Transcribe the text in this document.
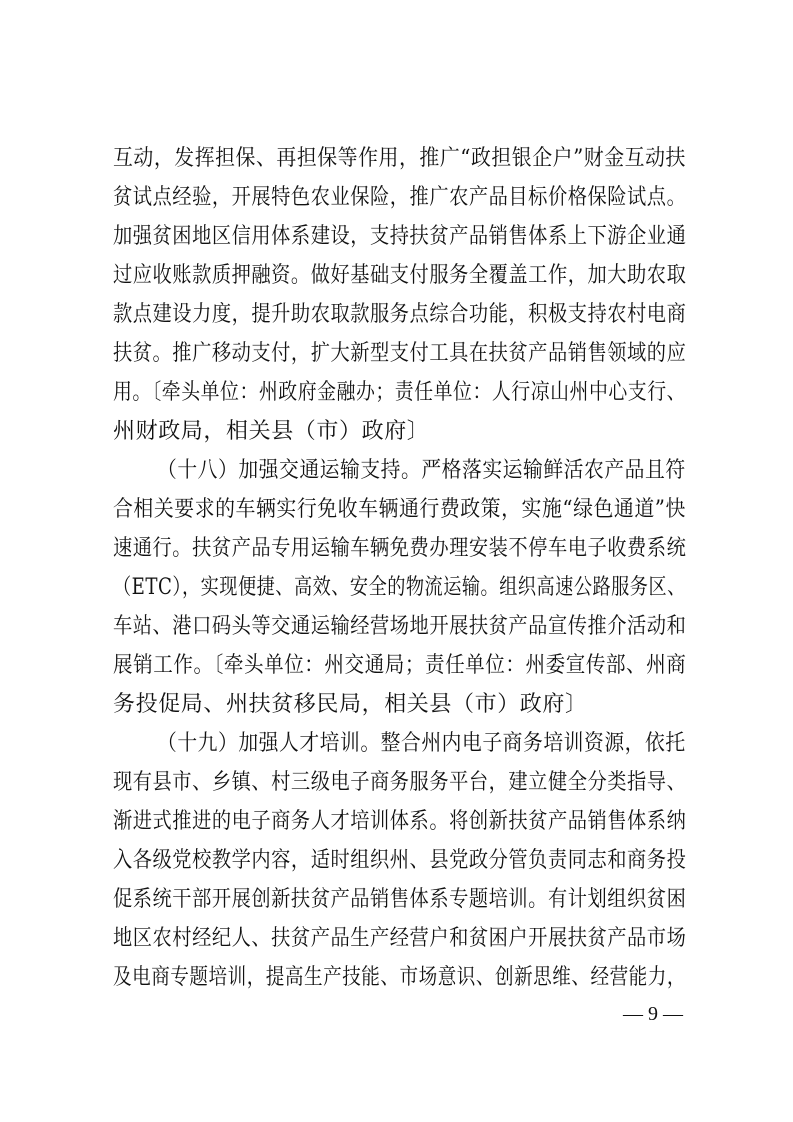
互动，发挥担保、再担保等作用，推广“政担银企户”财金互动扶
贫试点经验，开展特色农业保险，推广农产品目标价格保险试点。
加强贫困地区信用体系建设，支持扶贫产品销售体系上下游企业通
过应收账款质押融资。做好基础支付服务全覆盖工作，加大助农取
款点建设力度，提升助农取款服务点综合功能，积极支持农村电商
扶贫。推广移动支付，扩大新型支付工具在扶贫产品销售领域的应
用。〔牵头单位：州政府金融办；责任单位：人行凉山州中心支行、
州财政局，相关县（市）政府〕
（十八）加强交通运输支持。严格落实运输鲜活农产品且符
合相关要求的车辆实行免收车辆通行费政策，实施“绿色通道”快
速通行。扶贫产品专用运输车辆免费办理安装不停车电子收费系统
（ETC），实现便捷、高效、安全的物流运输。组织高速公路服务区、
车站、港口码头等交通运输经营场地开展扶贫产品宣传推介活动和
展销工作。〔牵头单位：州交通局；责任单位：州委宣传部、州商
务投促局、州扶贫移民局，相关县（市）政府〕
（十九）加强人才培训。整合州内电子商务培训资源，依托
现有县市、乡镇、村三级电子商务服务平台，建立健全分类指导、
渐进式推进的电子商务人才培训体系。将创新扶贫产品销售体系纳
入各级党校教学内容，适时组织州、县党政分管负责同志和商务投
促系统干部开展创新扶贫产品销售体系专题培训。有计划组织贫困
地区农村经纪人、扶贫产品生产经营户和贫困户开展扶贫产品市场
及电商专题培训，提高生产技能、市场意识、创新思维、经营能力，
— 9 —
